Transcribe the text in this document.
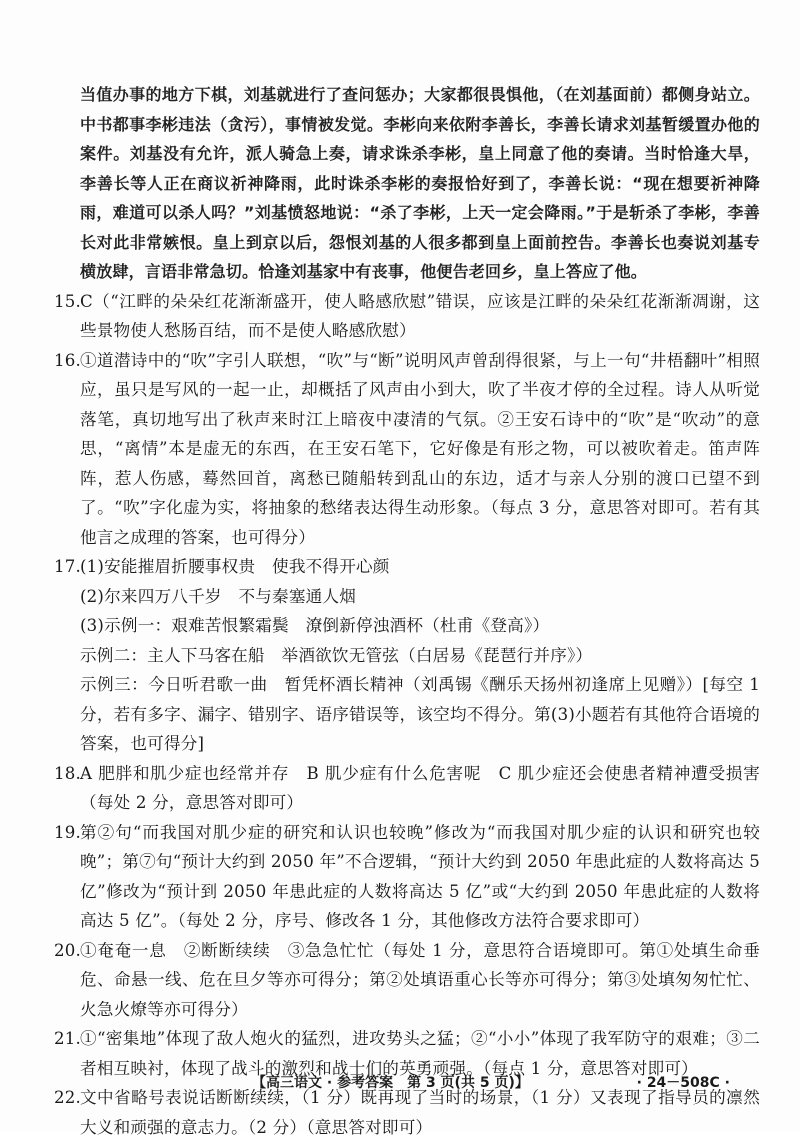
当值办事的地方下棋，刘基就进行了查问惩办；大家都很畏惧他，（在刘基面前）都侧身站立。中书都事李彬违法（贪污），事情被发觉。李彬向来依附李善长，李善长请求刘基暂缓置办他的案件。刘基没有允许，派人骑急上奏，请求诛杀李彬，皇上同意了他的奏请。当时恰逢大旱，李善长等人正在商议祈神降雨，此时诛杀李彬的奏报恰好到了，李善长说：“现在想要祈神降雨，难道可以杀人吗？”刘基愤怒地说：“杀了李彬，上天一定会降雨。”于是斩杀了李彬，李善长对此非常嫉恨。皇上到京以后，怨恨刘基的人很多都到皇上面前控告。李善长也奏说刘基专横放肆，言语非常急切。恰逢刘基家中有丧事，他便告老回乡，皇上答应了他。

15. C（“江畔的朵朵红花渐渐盛开，使人略感欣慰”错误，应该是江畔的朵朵红花渐渐凋谢，这些景物使人愁肠百结，而不是使人略感欣慰）

16. ①道潜诗中的“吹”字引人联想，“吹”与“断”说明风声曾刮得很紧，与上一句“井梧翻叶”相照应，虽只是写风的一起一止，却概括了风声由小到大，吹了半夜才停的全过程。诗人从听觉落笔，真切地写出了秋声来时江上暗夜中凄清的气氛。②王安石诗中的“吹”是“吹动”的意思，“离情”本是虚无的东西，在王安石笔下，它好像是有形之物，可以被吹着走。笛声阵阵，惹人伤感，蓦然回首，离愁已随船转到乱山的东边，适才与亲人分别的渡口已望不到了。“吹”字化虚为实，将抽象的愁绪表达得生动形象。（每点 3 分，意思答对即可。若有其他言之成理的答案，也可得分）

17. (1)安能摧眉折腰事权贵　使我不得开心颜
(2)尔来四万八千岁　不与秦塞通人烟
(3)示例一：艰难苦恨繁霜鬓　潦倒新停浊酒杯（杜甫《登高》）
示例二：主人下马客在船　举酒欲饮无管弦（白居易《琵琶行并序》）
示例三：今日听君歌一曲　暂凭杯酒长精神（刘禹锡《酬乐天扬州初逢席上见赠》）[每空 1 分，若有多字、漏字、错别字、语序错误等，该空均不得分。第(3)小题若有其他符合语境的答案，也可得分]

18. A 肥胖和肌少症也经常并存　B 肌少症有什么危害呢　C 肌少症还会使患者精神遭受损害（每处 2 分，意思答对即可）

19. 第②句“而我国对肌少症的研究和认识也较晚”修改为“而我国对肌少症的认识和研究也较晚”；第⑦句“预计大约到 2050 年”不合逻辑，“预计大约到 2050 年患此症的人数将高达 5 亿”修改为“预计到 2050 年患此症的人数将高达 5 亿”或“大约到 2050 年患此症的人数将高达 5 亿”。（每处 2 分，序号、修改各 1 分，其他修改方法符合要求即可）

20. ①奄奄一息　②断断续续　③急急忙忙（每处 1 分，意思符合语境即可。第①处填生命垂危、命悬一线、危在旦夕等亦可得分；第②处填语重心长等亦可得分；第③处填匆匆忙忙、火急火燎等亦可得分）

21. ①“密集地”体现了敌人炮火的猛烈，进攻势头之猛；②“小小”体现了我军防守的艰难；③二者相互映衬，体现了战斗的激烈和战士们的英勇顽强。（每点 1 分，意思答对即可）

22. 文中省略号表说话断断续续，（1 分）既再现了当时的场景，（1 分）又表现了指导员的凛然大义和顽强的意志力。（2 分）（意思答对即可）

【高三语文 · 参考答案　第 3 页(共 5 页)】	· 24－508C ·
